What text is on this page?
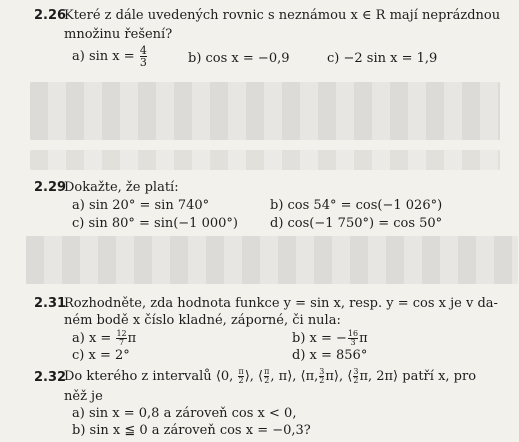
2.26
Které z dále uvedených rovnic s neznámou x ∈ R mají neprázdnou
množinu řešení?
a) $\sin x = \frac{4}{3}$	b) cos x = −0,9	c) −2 sin x = 1,9
2.29
Dokažte, že platí:
a) sin 20° = sin 740°	b) cos 54° = cos(−1 026°)
c) sin 80° = sin(−1 000°) d) cos(−1 750°) = cos 50°
2.31
Rozhodněte, zda hodnota funkce y = sin x, resp. y = cos x je v da-
ném bodě x číslo kladné, záporné, či nula:
a) $x = \frac{12}{7}$ π	b) x = − $\frac{16}{3}$ π
c) x = 2°	d) x = 856°
2.32
Do kterého z intervalů ⟨0, $\frac{\pi}{2}$ ⟩, ⟨ $\frac{\pi}{2}$ , π⟩, ⟨π, $\frac{3}{2}$ π⟩, ⟨ $\frac{3}{2} \pi$, 2π⟩ patří x, pro
něž je
a) sin x = 0,8 a zároveň cos x < 0,
b) sin x ≦ 0 a zároveň cos x = −0,3?
